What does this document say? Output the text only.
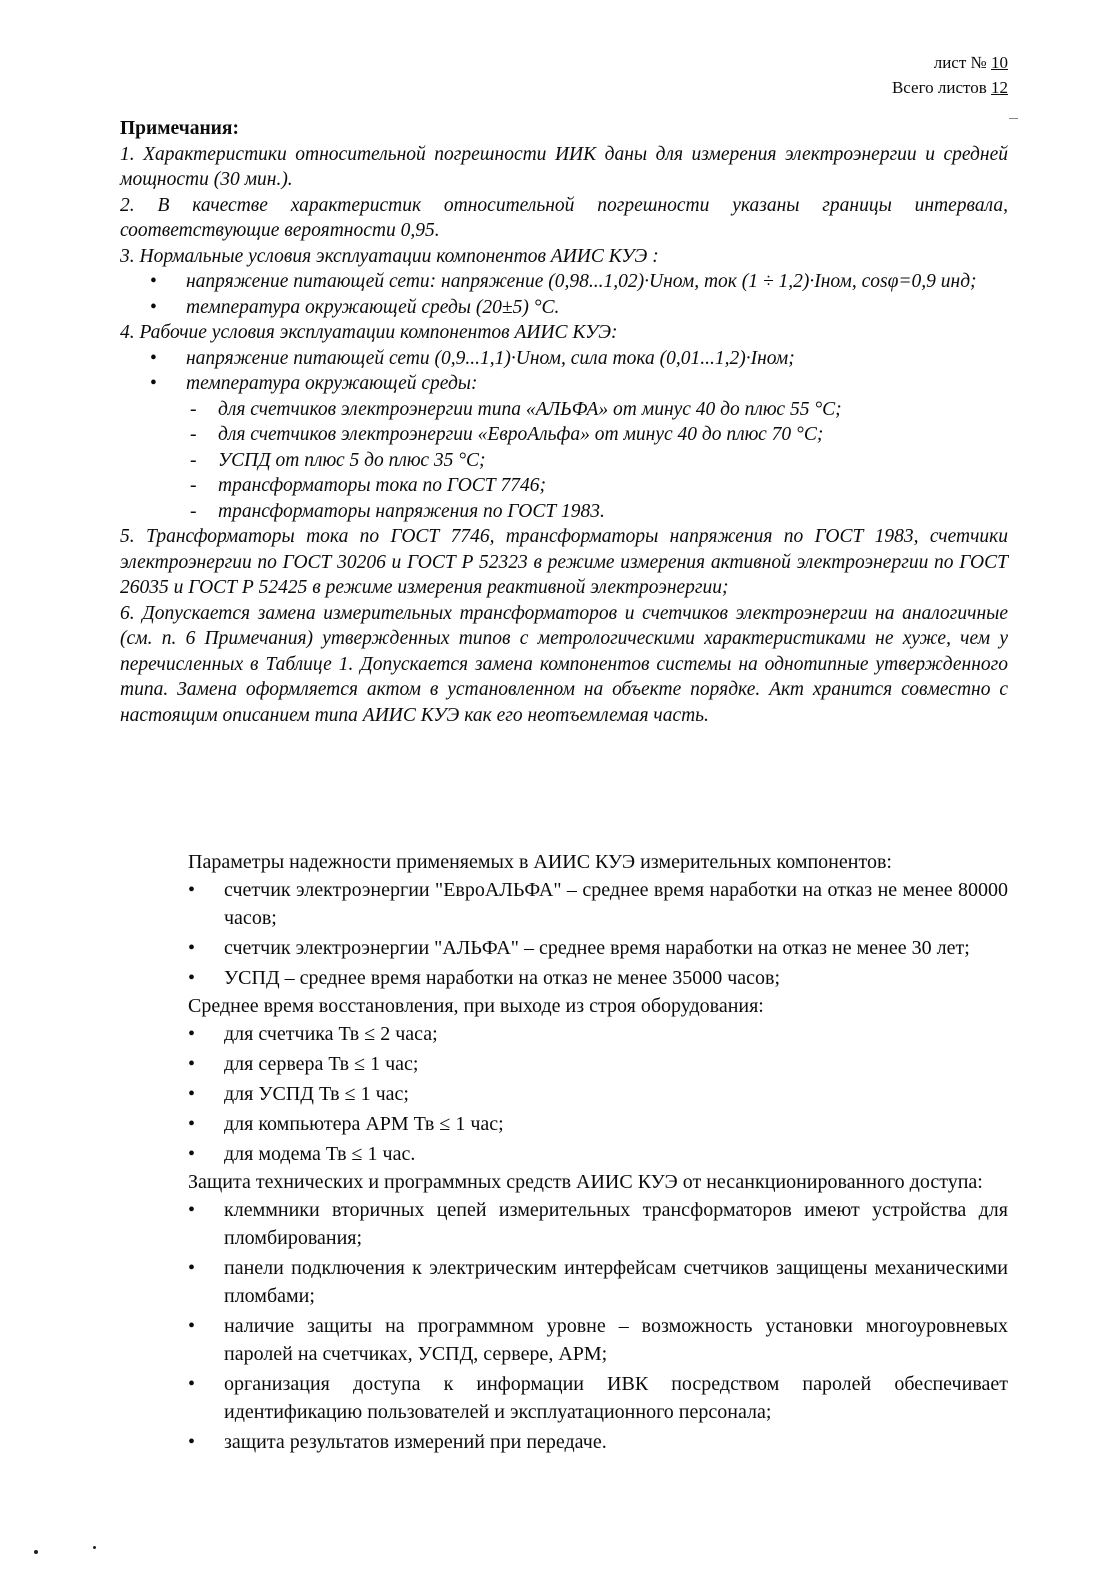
лист № 10
Всего листов 12

Примечания:

1. Характеристики относительной погрешности ИИК даны для измерения электроэнергии и средней мощности (30 мин.).

2. В качестве характеристик относительной погрешности указаны границы интервала, соответствующие вероятности 0,95.

3. Нормальные условия эксплуатации компонентов АИИС КУЭ :

• напряжение питающей сети: напряжение (0,98...1,02)·Uном, ток (1 ÷ 1,2)·Iном, cosφ=0,9 инд;

• температура окружающей среды (20±5) °С.

4. Рабочие условия эксплуатации компонентов АИИС КУЭ:

• напряжение питающей сети (0,9...1,1)·Uном, сила тока (0,01...1,2)·Iном;

• температура окружающей среды:

- для счетчиков электроэнергии типа «АЛЬФА» от минус 40 до плюс 55 °С;

- для счетчиков электроэнергии «ЕвроАльфа» от минус 40 до плюс 70 °С;

- УСПД от плюс 5 до плюс 35 °С;

- трансформаторы тока по ГОСТ 7746;

- трансформаторы напряжения по ГОСТ 1983.

5. Трансформаторы тока по ГОСТ 7746, трансформаторы напряжения по ГОСТ 1983, счетчики электроэнергии по ГОСТ 30206 и ГОСТ Р 52323 в режиме измерения активной электроэнергии по ГОСТ 26035 и ГОСТ Р 52425 в режиме измерения реактивной электроэнергии;

6. Допускается замена измерительных трансформаторов и счетчиков электроэнергии на аналогичные (см. п. 6 Примечания) утвержденных типов с метрологическими характеристиками не хуже, чем у перечисленных в Таблице 1. Допускается замена компонентов системы на однотипные утвержденного типа. Замена оформляется актом в установленном на объекте порядке. Акт хранится совместно с настоящим описанием типа АИИС КУЭ как его неотъемлемая часть.

Параметры надежности применяемых в АИИС КУЭ измерительных компонентов:

• счетчик электроэнергии "ЕвроАЛЬФА" – среднее время наработки на отказ не менее 80000 часов;

• счетчик электроэнергии "АЛЬФА" – среднее время наработки на отказ не менее 30 лет;

• УСПД – среднее время наработки на отказ не менее 35000 часов;

Среднее время восстановления, при выходе из строя оборудования:

• для счетчика Тв ≤ 2 часа;

• для сервера Тв ≤ 1 час;

• для УСПД Тв ≤ 1 час;

• для компьютера АРМ Тв ≤ 1 час;

• для модема Тв ≤ 1 час.

Защита технических и программных средств АИИС КУЭ от несанкционированного доступа:

• клеммники вторичных цепей измерительных трансформаторов имеют устройства для пломбирования;

• панели подключения к электрическим интерфейсам счетчиков защищены механическими пломбами;

• наличие защиты на программном уровне – возможность установки многоуровневых паролей на счетчиках, УСПД, сервере, АРМ;

• организация доступа к информации ИВК посредством паролей обеспечивает идентификацию пользователей и эксплуатационного персонала;

• защита результатов измерений при передаче.
